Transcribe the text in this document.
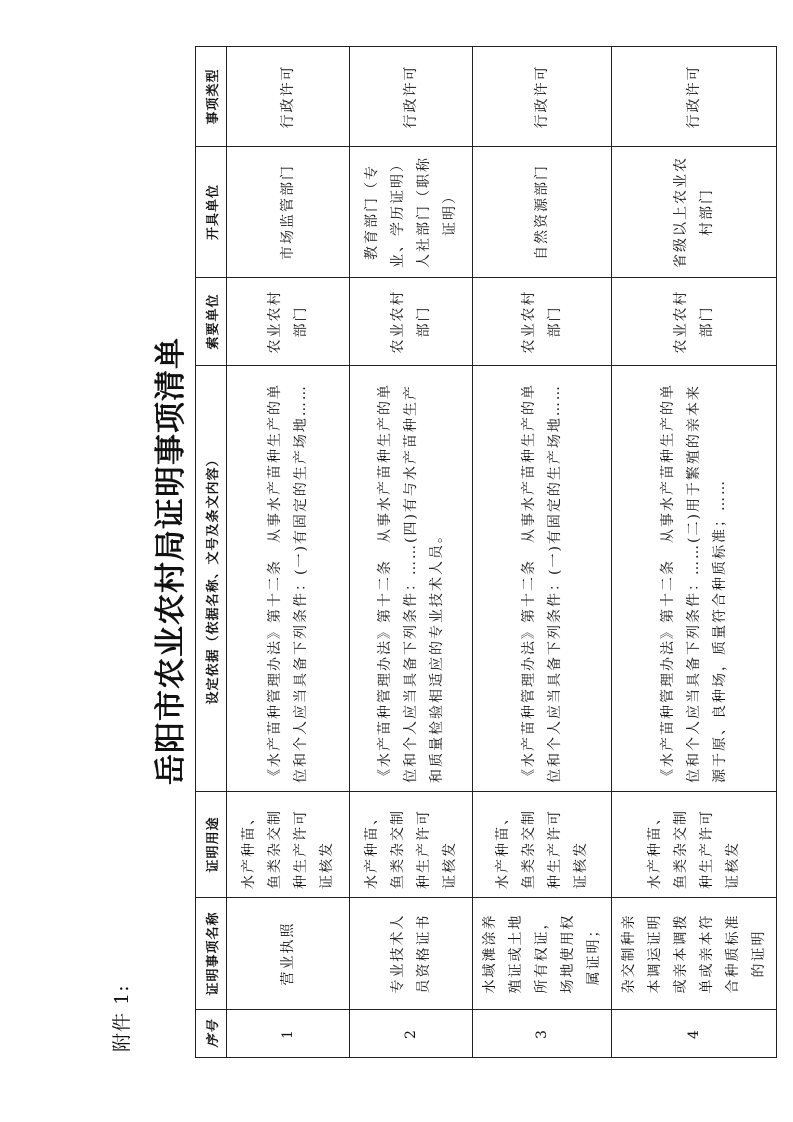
附件 1:
岳阳市农业农村局证明事项清单
序号	证明事项名称	证明用途	设定依据（依据名称、文号及条文内容）	索要单位	开具单位	事项类型
1	营业执照	水产种苗、鱼类杂交制种生产许可证核发	《水产苗种管理办法》第十二条　从事水产苗种生产的单位和个人应当具备下列条件：(一)有固定的生产场地……	农业农村部门	市场监管部门	行政许可
2	专业技术人员资格证书	水产种苗、鱼类杂交制种生产许可证核发	《水产苗种管理办法》第十二条　从事水产苗种生产的单位和个人应当具备下列条件：……(四)有与水产苗种生产和质量检验相适应的专业技术人员。	农业农村部门	教育部门（专业、学历证明）人社部门（职称证明）	行政许可
3	水域滩涂养殖证或土地所有权证，场地使用权属证明；	水产种苗、鱼类杂交制种生产许可证核发	《水产苗种管理办法》第十二条　从事水产苗种生产的单位和个人应当具备下列条件：(一)有固定的生产场地……	农业农村部门	自然资源部门	行政许可
4	杂交制种亲本调运证明或亲本调拨单或亲本符合种质标准的证明	水产种苗、鱼类杂交制种生产许可证核发	《水产苗种管理办法》第十二条　从事水产苗种生产的单位和个人应当具备下列条件：……(二)用于繁殖的亲本来源于原、良种场，质量符合种质标准；……	农业农村部门	省级以上农业农村部门	行政许可
